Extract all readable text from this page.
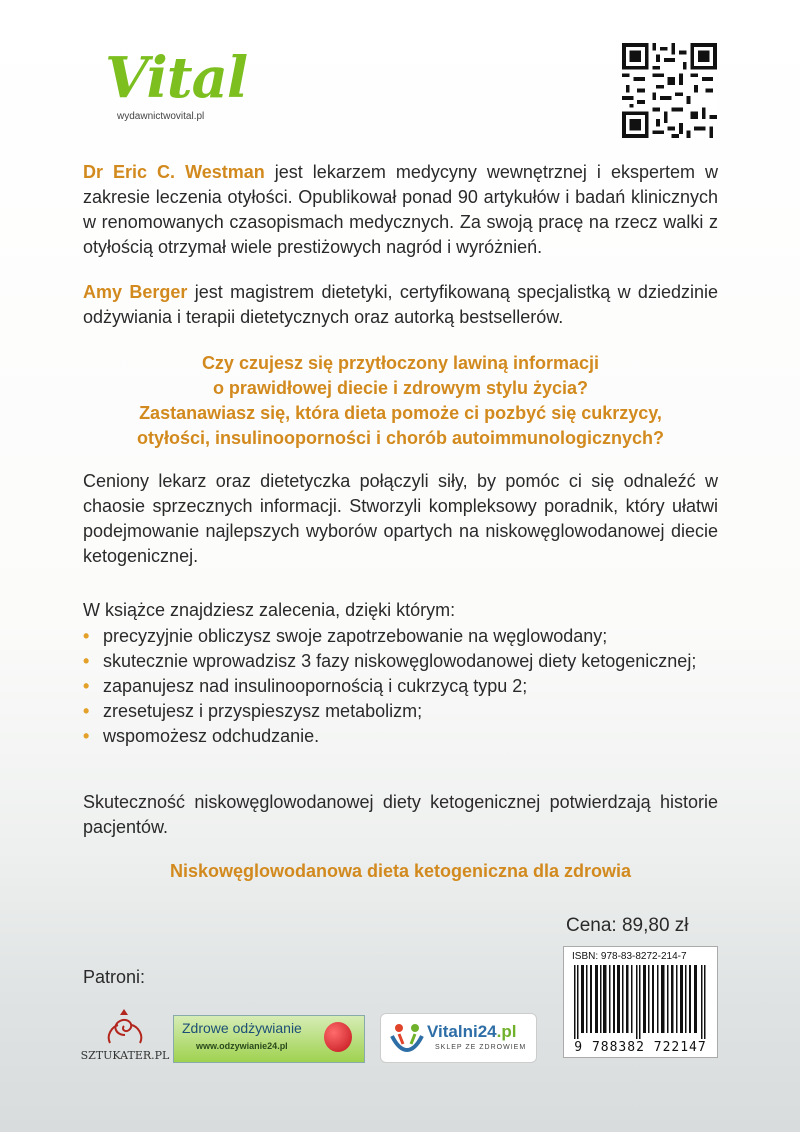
Vital
wydawnictwovital.pl

Dr Eric C. Westman jest lekarzem medycyny wewnętrznej i ekspertem w zakresie leczenia otyłości. Opublikował ponad 90 artykułów i badań klinicznych w renomowanych czasopismach medycznych. Za swoją pracę na rzecz walki z otyłością otrzymał wiele prestiżowych nagród i wyróżnień.

Amy Berger jest magistrem dietetyki, certyfikowaną specjalistką w dziedzinie odżywiania i terapii dietetycznych oraz autorką bestsellerów.

Czy czujesz się przytłoczony lawiną informacji

o prawidłowej diecie i zdrowym stylu życia?

Zastanawiasz się, która dieta pomoże ci pozbyć się cukrzycy,

otyłości, insulinooporności i chorób autoimmunologicznych?

Ceniony lekarz oraz dietetyczka połączyli siły, by pomóc ci się odnaleźć w chaosie sprzecznych informacji. Stworzyli kompleksowy poradnik, który ułatwi podejmowanie najlepszych wyborów opartych na niskowęglowodanowej diecie ketogenicznej.

W książce znajdziesz zalecenia, dzięki którym:

• precyzyjnie obliczysz swoje zapotrzebowanie na węglowodany;
• skutecznie wprowadzisz 3 fazy niskowęglowodanowej diety ketogenicznej;
• zapanujesz nad insulinoopornością i cukrzycą typu 2;
• zresetujesz i przyspieszysz metabolizm;
• wspomożesz odchudzanie.

Skuteczność niskowęglowodanowej diety ketogenicznej potwierdzają historie pacjentów.

Niskowęglowodanowa dieta ketogeniczna dla zdrowia
Cena: 89,80 zł
ISBN: 978-83-8272-214-7
9 788382 722147
Patroni:
SZTUKATER.PL
Zdrowe odżywianie
www.odzywianie24.pl
Vitalni24.pl
SKLEP ZE ZDROWIEM
